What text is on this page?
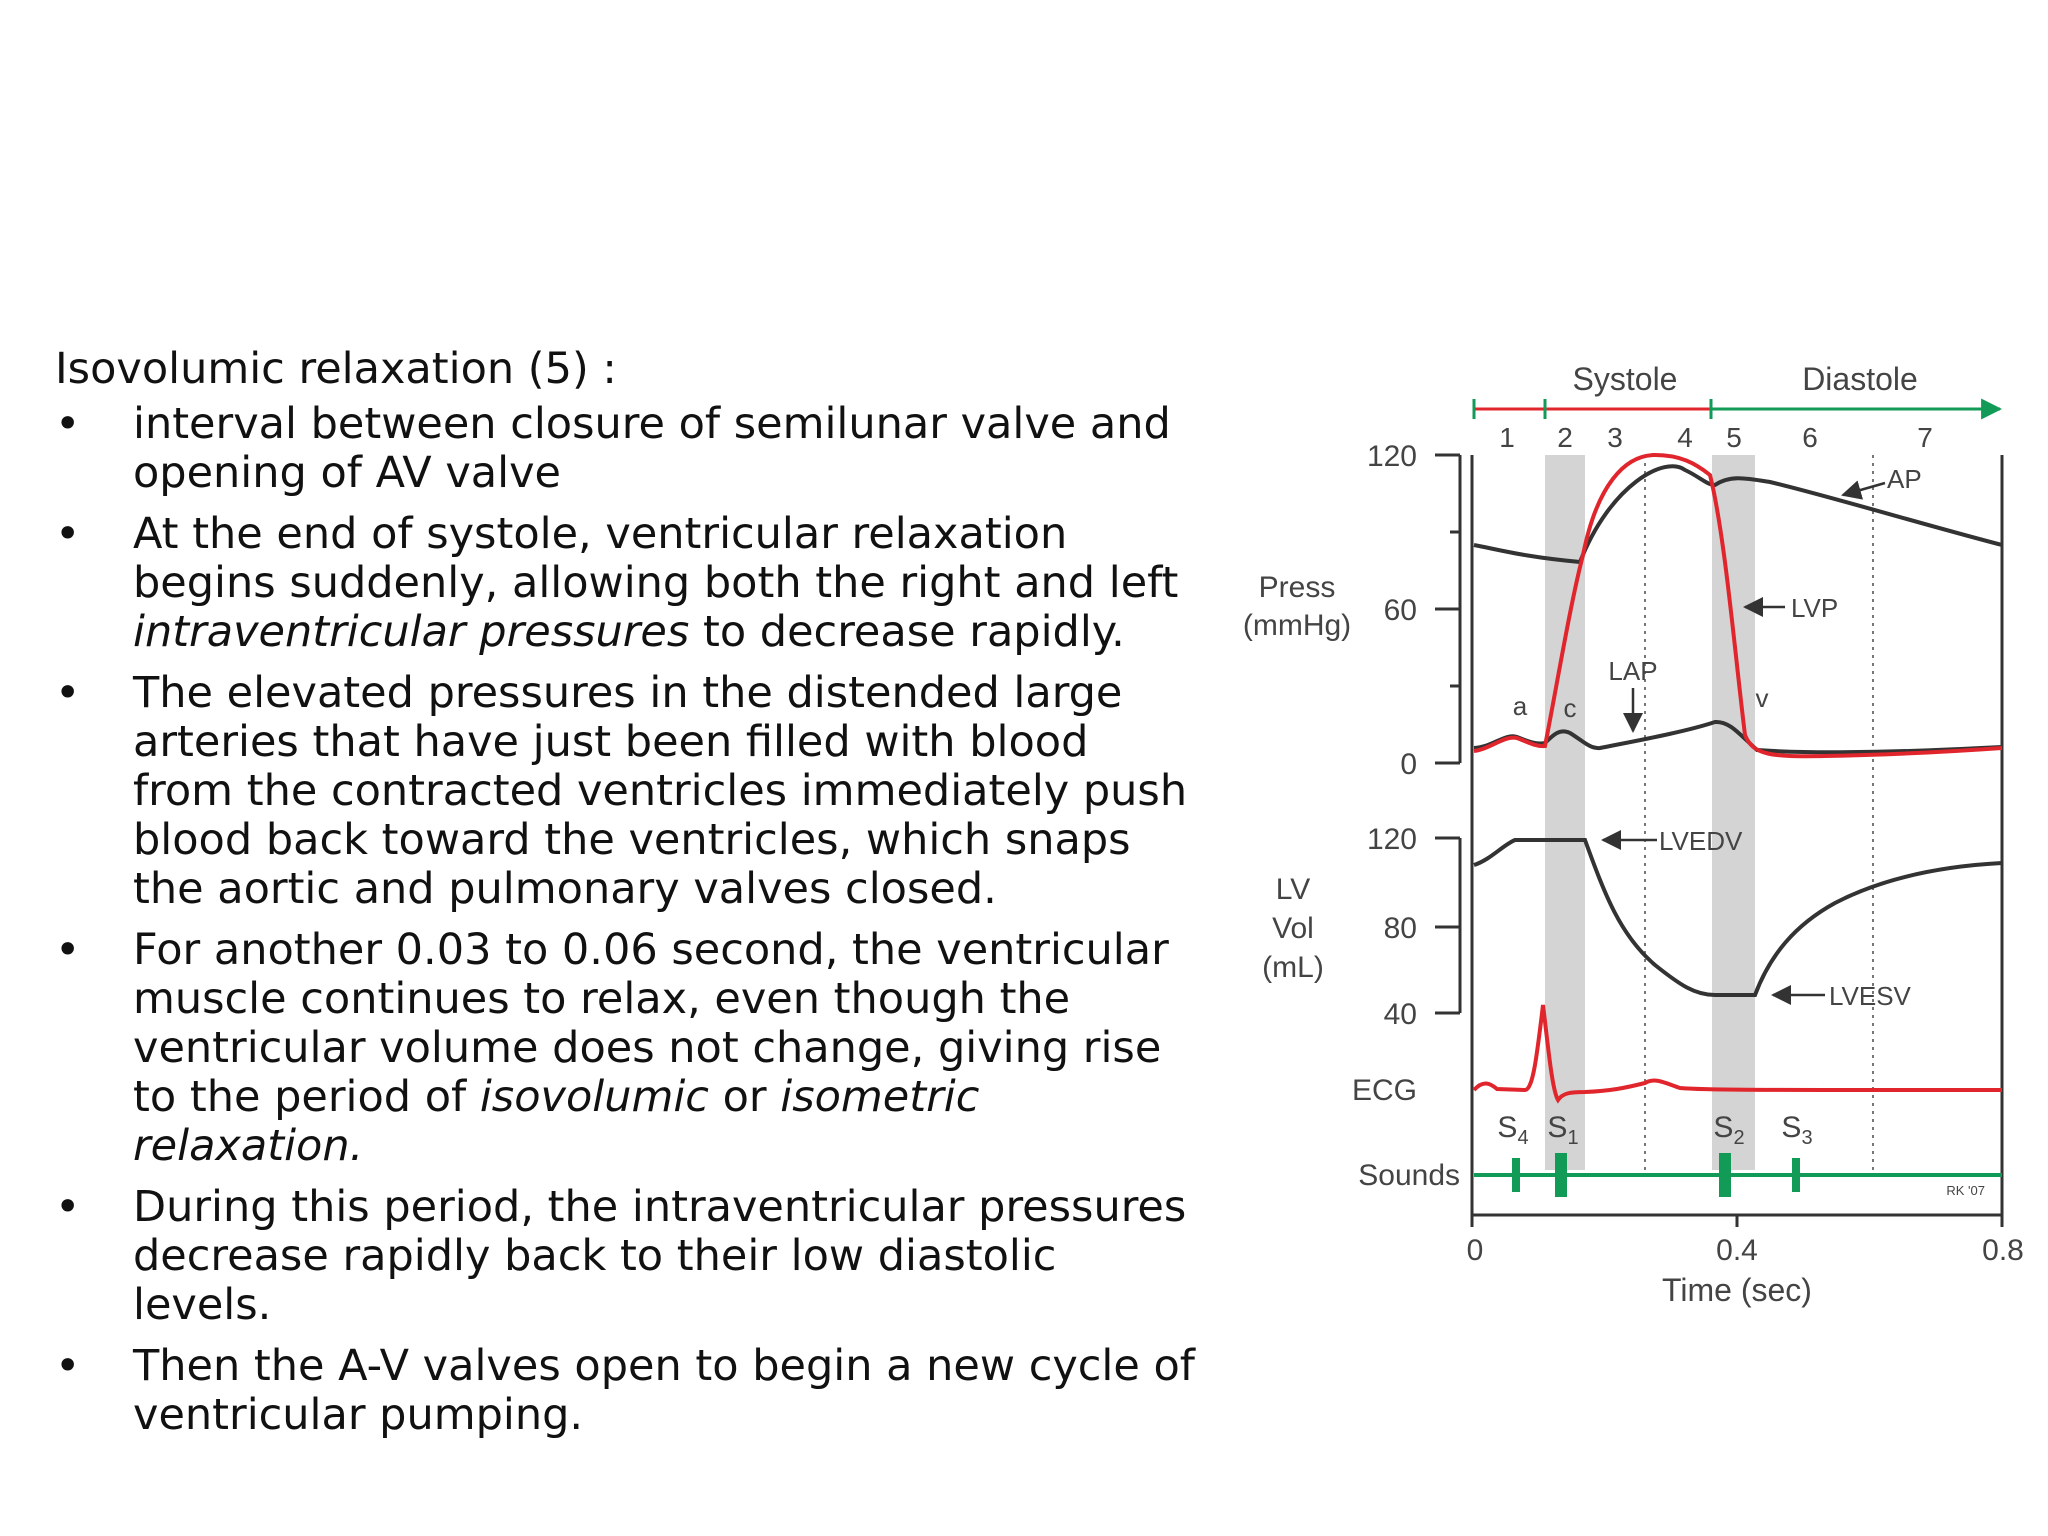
Isovolumic relaxation (5) :
• interval between closure of semilunar valve and opening of AV valve
• At the end of systole, ventricular relaxation begins suddenly, allowing both the right and left intraventricular pressures to decrease rapidly.
• The elevated pressures in the distended large arteries that have just been filled with blood from the contracted ventricles immediately push blood back toward the ventricles, which snaps the aortic and pulmonary valves closed.
• For another 0.03 to 0.06 second, the ventricular muscle continues to relax, even though the ventricular volume does not change, giving rise to the period of isovolumic or isometric relaxation.
• During this period, the intraventricular pressures decrease rapidly back to their low diastolic levels.
• Then the A-V valves open to begin a new cycle of ventricular pumping.
Systole	Diastole
1 2 3 4 5 6	7
120
60
0
Press
(mmHg)
120
80
40
LV
Vol
(mL)
ECG
Sounds
$S_4$ $S_1$	$S_2$ $S_3$
AP
LVP
LAP
a c	v
LVEDV
LVESV
0	0.4	0.8
Time (sec)
RK '07
